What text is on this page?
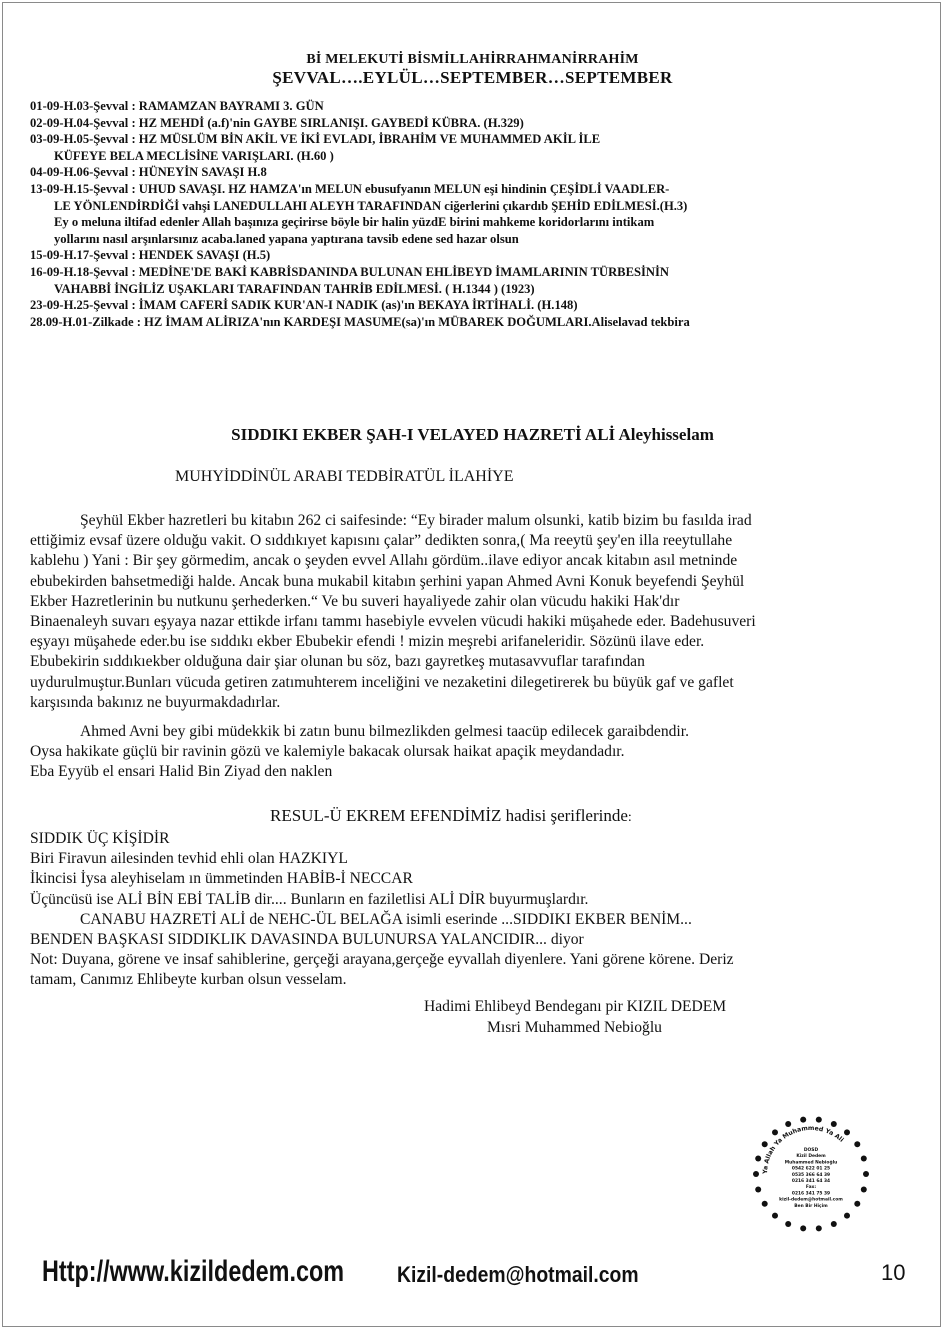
Bİ MELEKUTİ BİSMİLLAHİRRAHMANİRRAHİM
ŞEVVAL….EYLÜL…SEPTEMBER…SEPTEMBER
01-09-H.03-Şevval : RAMAMZAN BAYRAMI 3. GÜN
02-09-H.04-Şevval : HZ MEHDİ (a.f)'nin GAYBE SIRLANIŞI. GAYBEDİ KÜBRA. (H.329)
03-09-H.05-Şevval : HZ MÜSLÜM BİN AKİL VE İKİ EVLADI, İBRAHİM VE MUHAMMED AKİL İLE
KÜFEYE BELA MECLİSİNE VARIŞLARI. (H.60 )
04-09-H.06-Şevval : HÜNEYİN SAVAŞI H.8
13-09-H.15-Şevval : UHUD SAVAŞI. HZ HAMZA'ın MELUN ebusufyanın MELUN eşi hindinin ÇEŞİDLİ VAADLER-
LE YÖNLENDİRDİĞİ vahşi LANEDULLAHI ALEYH TARAFINDAN ciğerlerini çıkardıb ŞEHİD EDİLMESİ.(H.3)
Ey o meluna iltifad edenler Allah başınıza geçirirse böyle bir halin yüzdE birini mahkeme koridorlarını intikam
yollarını nasıl arşınlarsınız acaba.laned yapana yaptırana tavsib edene sed hazar olsun
15-09-H.17-Şevval : HENDEK SAVAŞI (H.5)
16-09-H.18-Şevval : MEDİNE'DE BAKİ KABRİSDANINDA BULUNAN EHLİBEYD İMAMLARININ TÜRBESİNİN
VAHABBİ İNGİLİZ UŞAKLARI TARAFINDAN TAHRİB EDİLMESİ. ( H.1344 ) (1923)
23-09-H.25-Şevval : İMAM CAFERİ SADIK KUR'AN-I NADIK (as)'ın BEKAYA İRTİHALİ. (H.148)
28.09-H.01-Zilkade : HZ İMAM ALİRIZA'nın KARDEŞI MASUME(sa)'ın MÜBAREK DOĞUMLARI.Aliselavad tekbira
SIDDIKI EKBER ŞAH-I VELAYED HAZRETİ ALİ Aleyhisselam
MUHYİDDİNÜL ARABI TEDBİRATÜL İLAHİYE
Şeyhül Ekber hazretleri bu kitabın 262 ci saifesinde: “Ey birader malum olsunki, katib bizim bu fasılda irad
ettiğimiz evsaf üzere olduğu vakit. O sıddıkıyet kapısını çalar” dedikten sonra,( Ma reeytü şey'en illa reeytullahe
kablehu ) Yani : Bir şey görmedim, ancak o şeyden evvel Allahı gördüm..ilave ediyor ancak kitabın asıl metninde
ebubekirden bahsetmediği halde. Ancak buna mukabil kitabın şerhini yapan Ahmed Avni Konuk beyefendi Şeyhül
Ekber Hazretlerinin bu nutkunu şerhederken.“ Ve bu suveri hayaliyede zahir olan vücudu hakiki Hak'dır
Binaenaleyh suvarı eşyaya nazar ettikde irfanı tammı hasebiyle evvelen vücudi hakiki müşahede eder. Badehusuveri
eşyayı müşahede eder.bu ise sıddıkı ekber Ebubekir efendi ! mizin meşrebi arifaneleridir. Sözünü ilave eder.
Ebubekirin sıddıkıekber olduğuna dair şiar olunan bu söz, bazı gayretkeş mutasavvuflar tarafından
uydurulmuştur.Bunları vücuda getiren zatımuhterem inceliğini ve nezaketini dilegetirerek bu büyük gaf ve gaflet
karşısında bakınız ne buyurmakdadırlar.
Ahmed Avni bey gibi müdekkik bi zatın bunu bilmezlikden gelmesi taacüp edilecek garaibdendir.
Oysa hakikate güçlü bir ravinin gözü ve kalemiyle bakacak olursak haikat apaçik meydandadır.
Eba Eyyüb el ensari Halid Bin Ziyad den naklen
RESUL-Ü EKREM EFENDİMİZ hadisi şeriflerinde:
SIDDIK ÜÇ KİŞİDİR
Biri Firavun ailesinden tevhid ehli olan HAZKIYL
İkincisi İysa aleyhiselam ın ümmetinden HABİB-İ NECCAR
Üçüncüsü ise ALİ BİN EBİ TALİB dir.... Bunların en faziletlisi ALİ DİR buyurmuşlardır.
CANABU HAZRETİ ALİ de NEHC-ÜL BELAĞA isimli eserinde ...SIDDIKI EKBER BENİM...
BENDEN BAŞKASI SIDDIKLIK DAVASINDA BULUNURSA YALANCIDIR... diyor
Not: Duyana, görene ve insaf sahiblerine, gerçeği arayana,gerçeğe eyvallah diyenlere. Yani görene körene. Deriz
tamam, Canımız Ehlibeyte kurban olsun vesselam.
Hadimi Ehlibeyd Bendeganı pir KIZIL DEDEM
Mısri Muhammed Nebioğlu
Ya Allah Ya Muhammed Ya Ali
DOSD
Kizil Dedem
Muhammed Nebioğlu
0542 622 01 25
0535 366 64 39
0216 341 64 34
Fax:
0216 341 75 39
kizil-dedem@hotmail.com
Ben Bir Hiçim
Http://www.kizildedem.com Kizil-dedem@hotmail.com	10
